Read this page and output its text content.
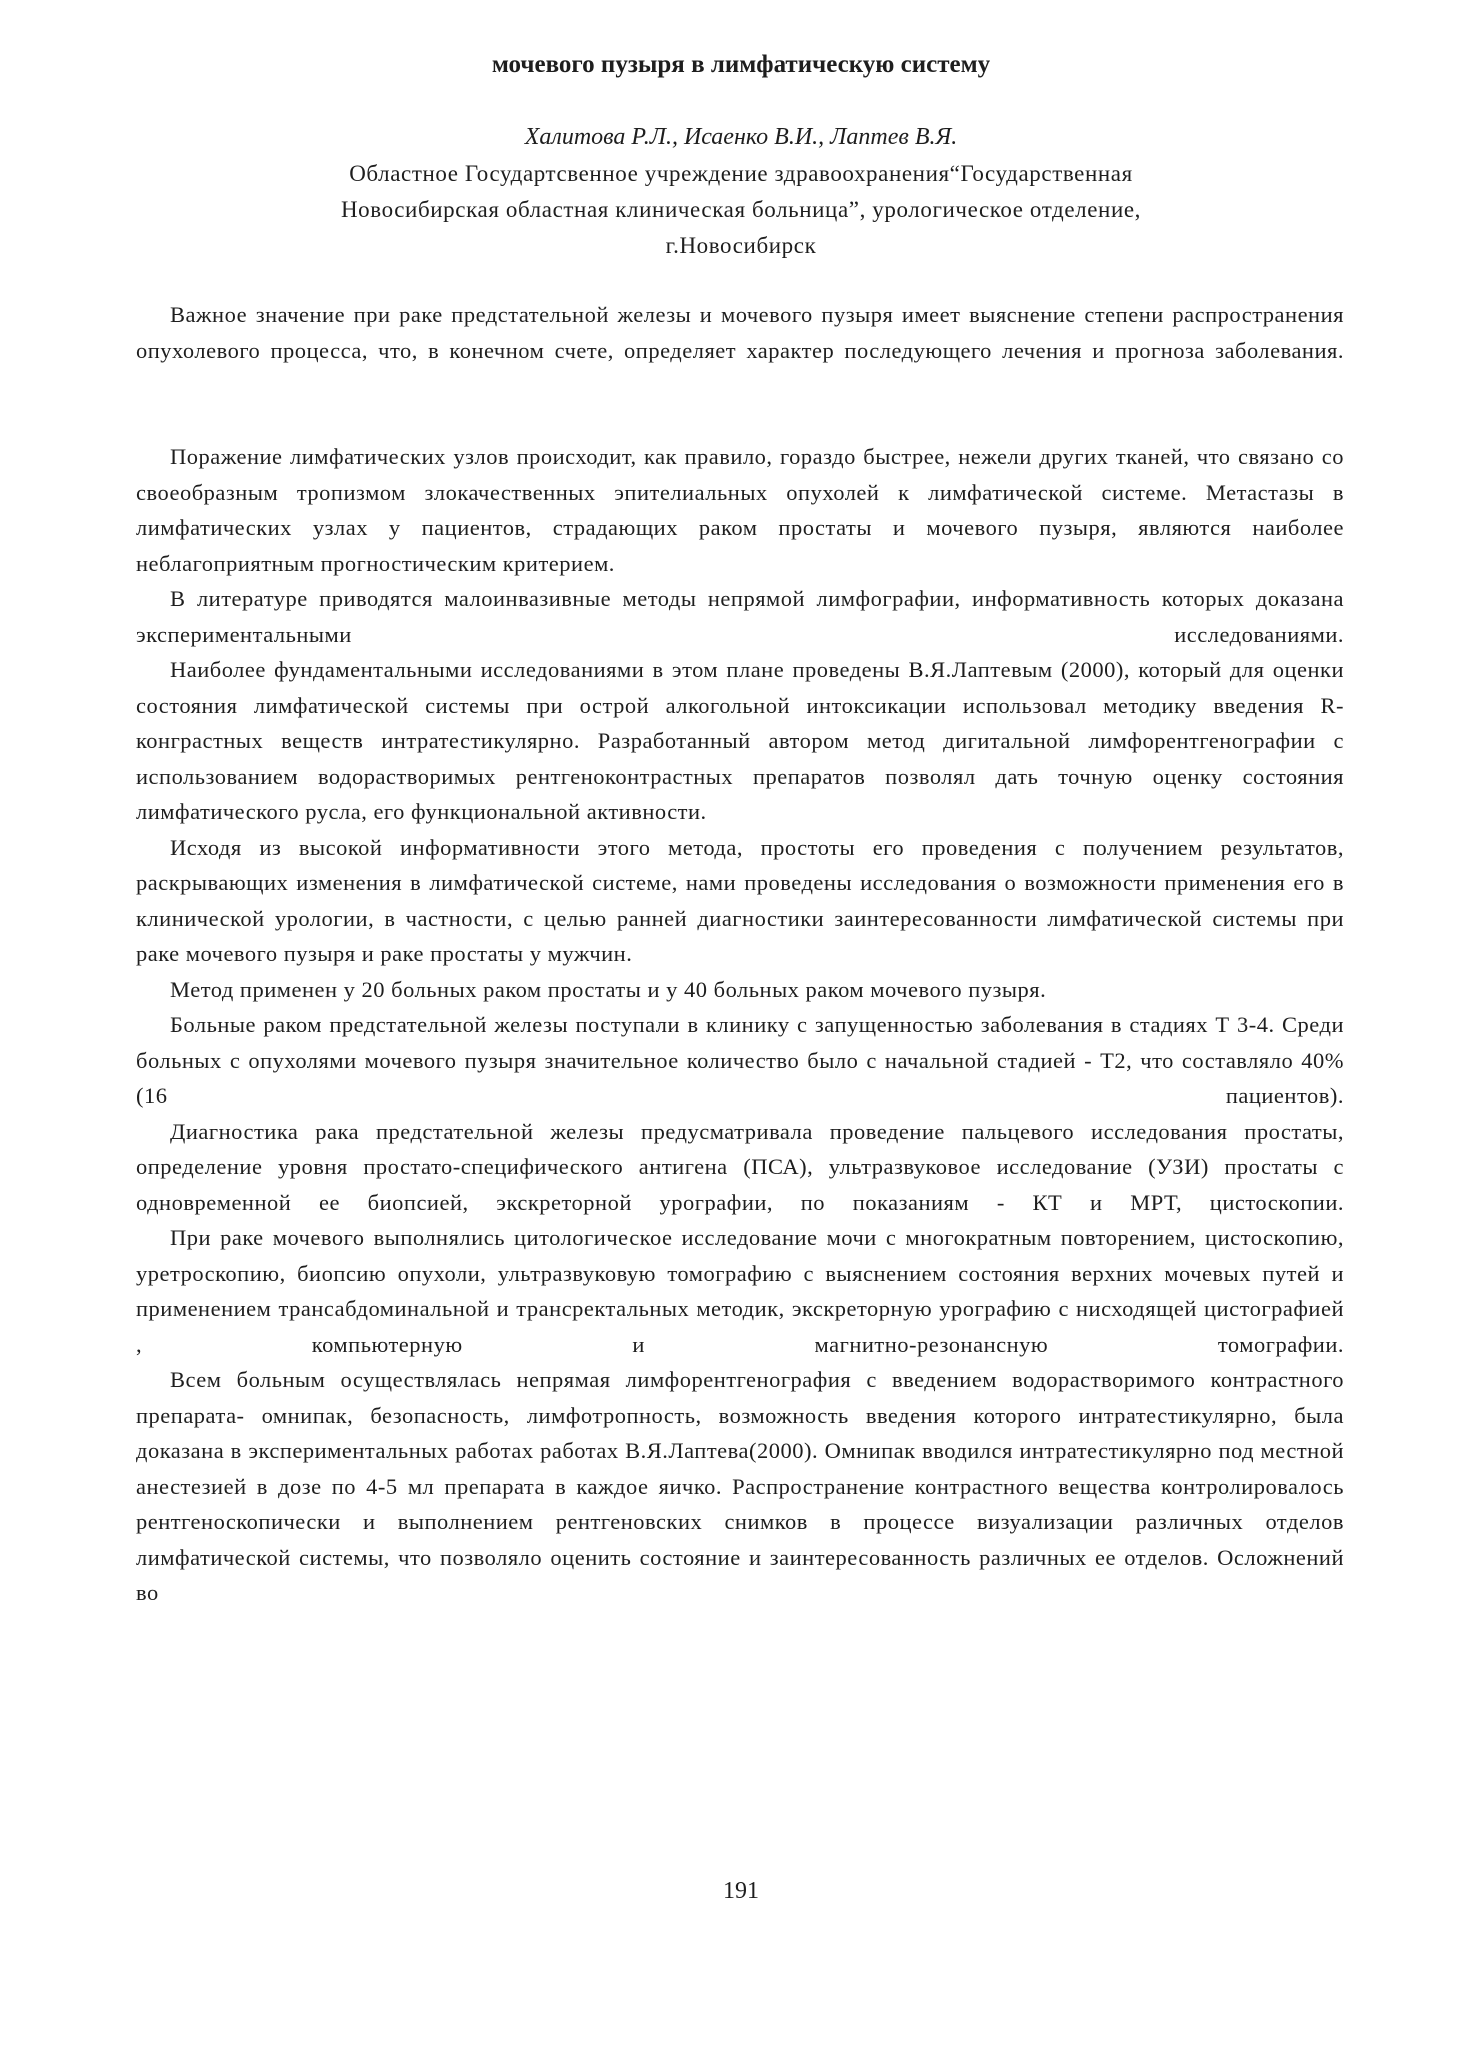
мочевого пузыря в лимфатическую систему
Халитова Р.Л., Исаенко В.И., Лаптев В.Я.
Областное Государтсвенное учреждение здравоохранения“Государственная
Новосибирская областная клиническая больница”, урологическое отделение,
г.Новосибирск

Важное значение при раке предстательной железы и мочевого пузыря имеет выяснение степени распространения опухолевого процесса, что, в конечном счете, определяет характер последующего лечения и прогноза заболевания.

Поражение лимфатических узлов происходит, как правило, гораздо быстрее, нежели других тканей, что связано со своеобразным тропизмом злокачественных эпителиальных опухолей к лимфатической системе. Метастазы в лимфатических узлах у пациентов, страдающих раком простаты и мочевого пузыря, являются наиболее неблагоприятным прогностическим критерием.

В литературе приводятся малоинвазивные методы непрямой лимфографии, информативность которых доказана экспериментальными исследованиями.

Наиболее фундаментальными исследованиями в этом плане проведены В.Я.Лаптевым (2000), который для оценки состояния лимфатической системы при острой алкогольной интоксикации использовал методику введения R-конграстных веществ интратестикулярно. Разработанный автором метод дигитальной лимфорентгенографии с использованием водорастворимых рентгеноконтрастных препаратов позволял дать точную оценку состояния лимфатического русла, его функциональной активности.

Исходя из высокой информативности этого метода, простоты его проведения с получением результатов, раскрывающих изменения в лимфатической системе, нами проведены исследования о возможности применения его в клинической урологии, в частности, с целью ранней диагностики заинтересованности лимфатической системы при раке мочевого пузыря и раке простаты у мужчин.

Метод применен у 20 больных раком простаты и у 40 больных раком мочевого пузыря.

Больные раком предстательной железы поступали в клинику с запущенностью заболевания в стадиях Т 3-4. Среди больных с опухолями мочевого пузыря значительное количество было с начальной стадией - Т2, что составляло 40% (16 пациентов).

Диагностика рака предстательной железы предусматривала проведение пальцевого исследования простаты, определение уровня простато-специфического антигена (ПСА), ультразвуковое исследование (УЗИ) простаты с одновременной ее биопсией, экскреторной урографии, по показаниям - КТ и МРТ, цистоскопии.

При раке мочевого выполнялись цитологическое исследование мочи с многократным повторением, цистоскопию, уретроскопию, биопсию опухоли, ультразвуковую томографию с выяснением состояния верхних мочевых путей и применением трансабдоминальной и трансректальных методик, экскреторную урографию с нисходящей цистографией , компьютерную и магнитно-резонансную томографии.

Всем больным осуществлялась непрямая лимфорентгенография с введением водорастворимого контрастного препарата- омнипак, безопасность, лимфотропность, возможность введения которого интратестикулярно, была доказана в экспериментальных работах работах В.Я.Лаптева(2000). Омнипак вводился интратестикулярно под местной анестезией в дозе по 4-5 мл препарата в каждое яичко. Распространение контрастного вещества контролировалось рентгеноскопически и выполнением рентгеновских снимков в процессе визуализации различных отделов лимфатической системы, что позволяло оценить состояние и заинтересованность различных ее отделов. Осложнений во

191
